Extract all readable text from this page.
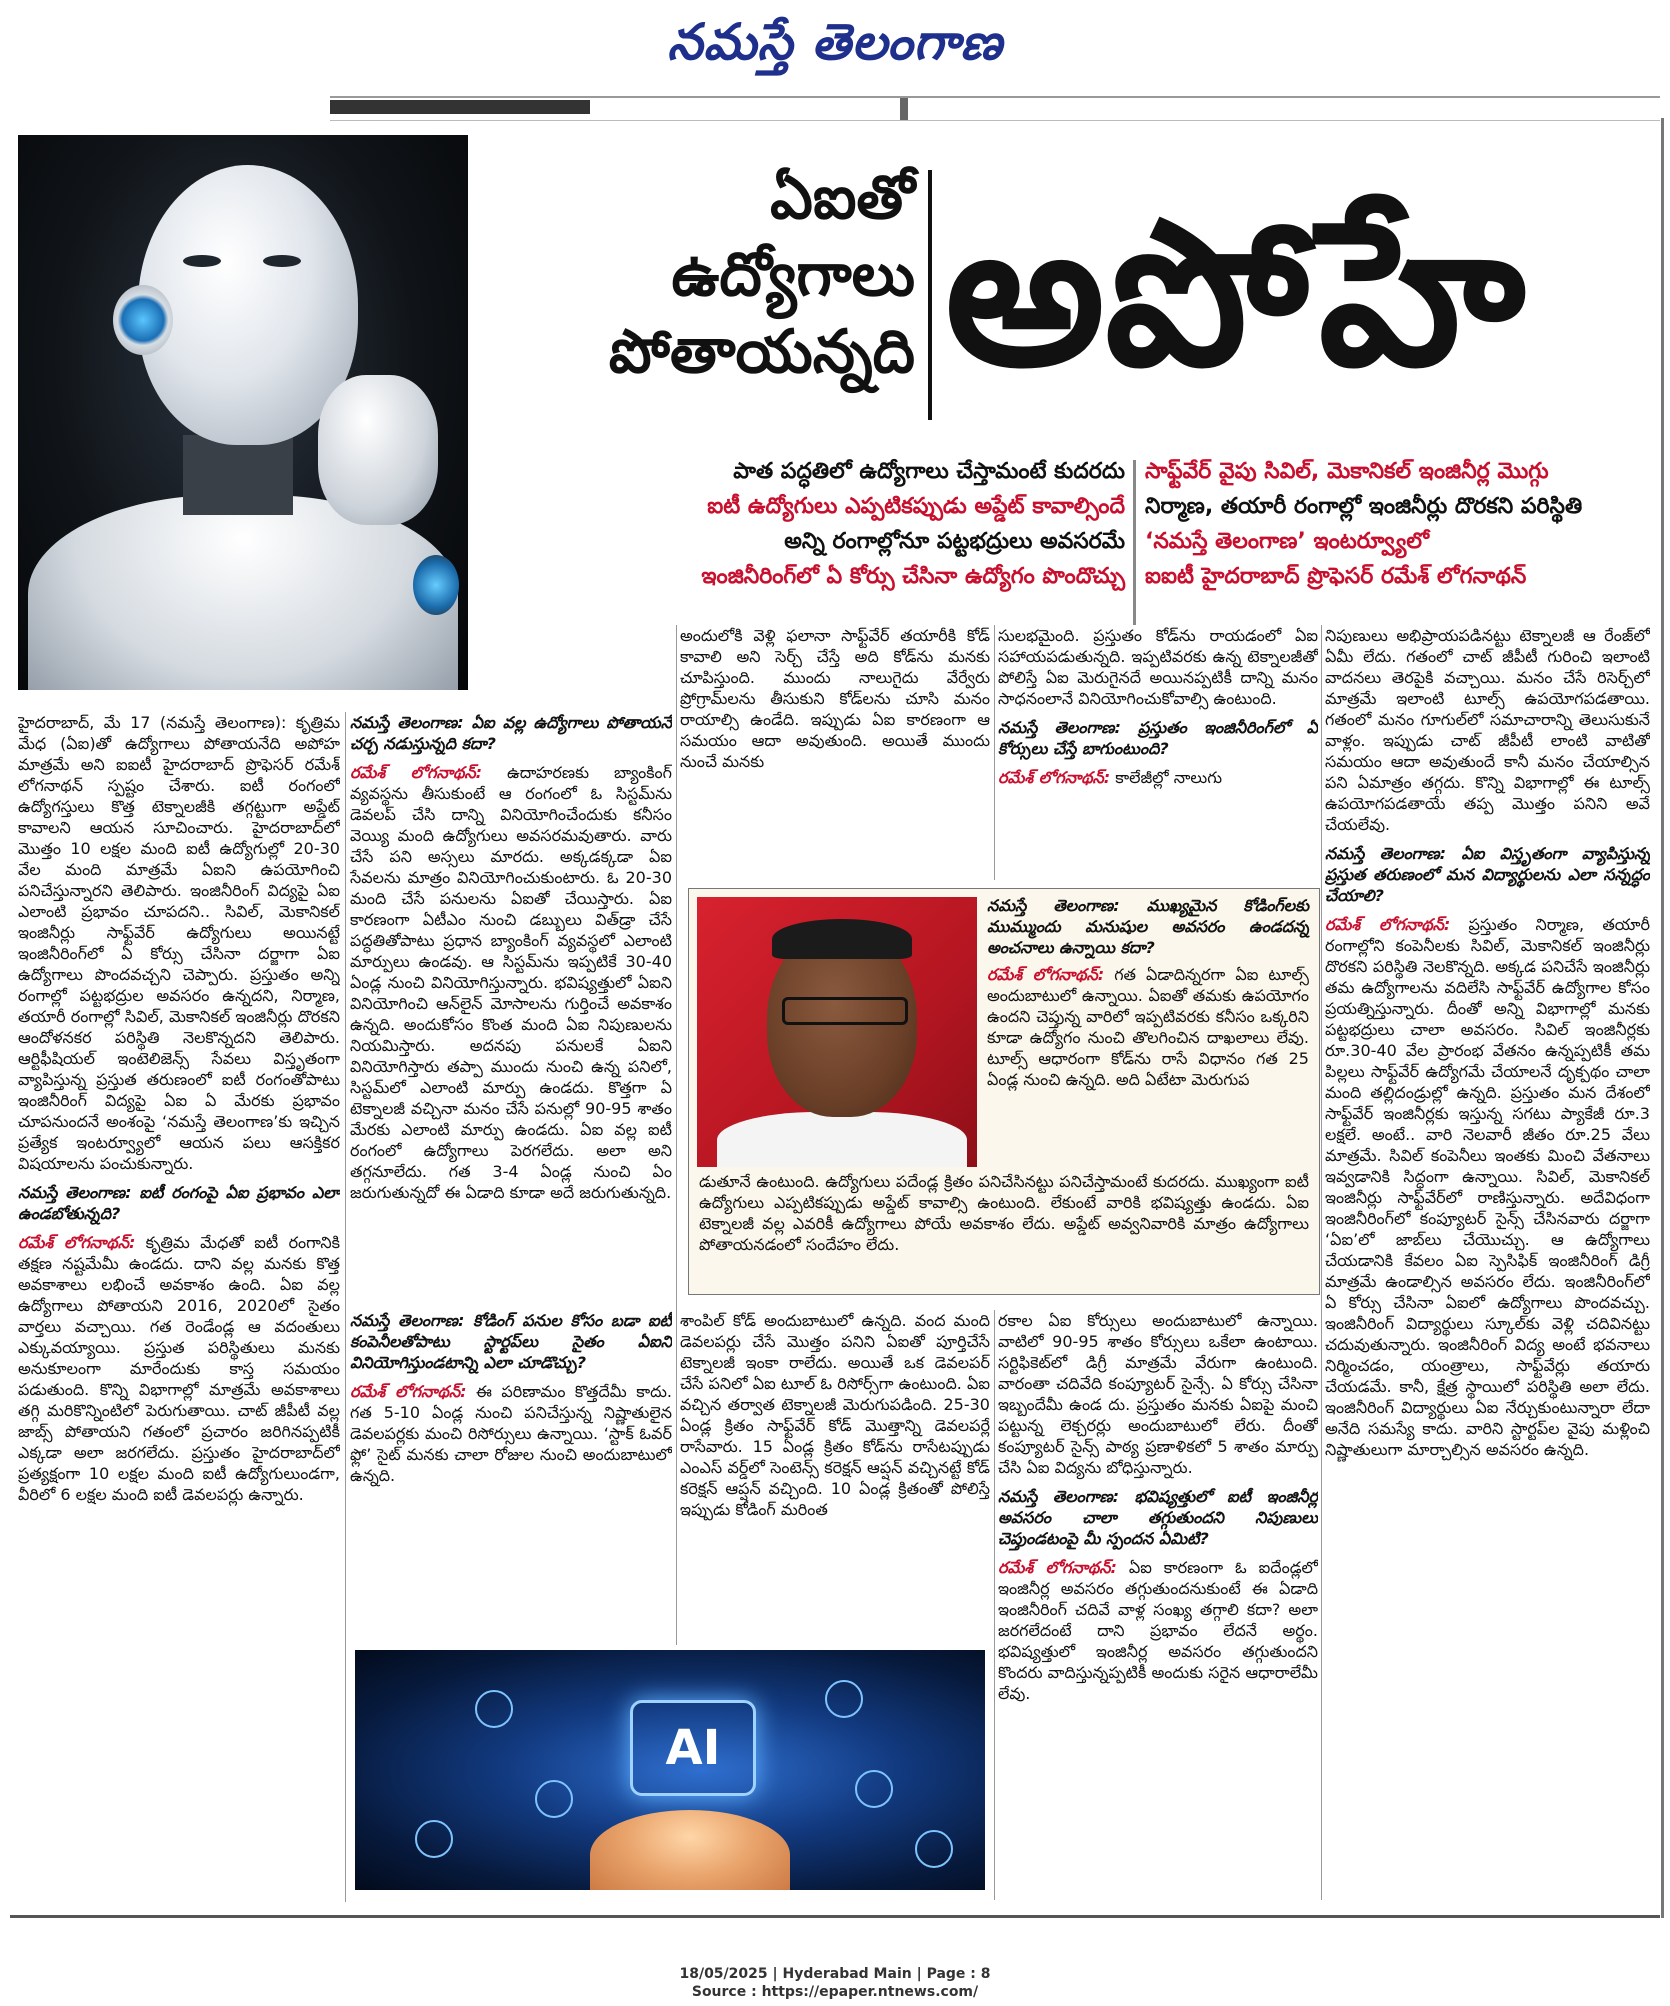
నమస్తే తెలంగాణ
ఏఐతో
ఉద్యోగాలు
పోతాయన్నది అపోహే
పాత పద్ధతిలో ఉద్యోగాలు చేస్తామంటే కుదరదు
ఐటీ ఉద్యోగులు ఎప్పటికప్పుడు అప్డేట్ కావాల్సిందే
అన్ని రంగాల్లోనూ పట్టభద్రులు అవసరమే
ఇంజినీరింగ్‌లో ఏ కోర్సు చేసినా ఉద్యోగం పొందొచ్చు
సాఫ్ట్‌వేర్ వైపు సివిల్, మెకానికల్ ఇంజినీర్ల మొగ్గు
నిర్మాణ, తయారీ రంగాల్లో ఇంజినీర్లు దొరకని పరిస్థితి
‘నమస్తే తెలంగాణ’ ఇంటర్వ్యూలో
ఐఐటీ హైదరాబాద్ ప్రొఫెసర్ రమేశ్ లోగనాథన్

హైదరాబాద్, మే 17 (నమస్తే తెలంగాణ): కృత్రిమ మేధ (ఏఐ)తో ఉద్యోగాలు పోతాయనేది అపోహ మాత్రమే అని ఐఐటీ హైదరాబాద్ ప్రొఫెసర్ రమేశ్ లోగనాథన్ స్పష్టం చేశారు. ఐటీ రంగంలో ఉద్యోగస్తులు కొత్త టెక్నాలజీకి తగ్గట్టుగా అప్డేట్ కావాలని ఆయన సూచించారు. హైదరాబాద్‌లో మొత్తం 10 లక్షల మంది ఐటీ ఉద్యోగుల్లో 20-30 వేల మంది మాత్రమే ఏఐని ఉపయోగించి పనిచేస్తున్నారని తెలిపారు. ఇంజినీరింగ్ విద్యపై ఏఐ ఎలాంటి ప్రభావం చూపదని.. సివిల్, మెకానికల్ ఇంజినీర్లు సాఫ్ట్‌వేర్ ఉద్యోగులు అయినట్టే ఇంజినీరింగ్‌లో ఏ కోర్సు చేసినా దర్జాగా ఏఐ ఉద్యోగాలు పొందవచ్చని చెప్పారు. ప్రస్తుతం అన్ని రంగాల్లో పట్టభద్రుల అవసరం ఉన్నదని, నిర్మాణ, తయారీ రంగాల్లో సివిల్, మెకానికల్ ఇంజినీర్లు దొరకని ఆందోళనకర పరిస్థితి నెలకొన్నదని తెలిపారు. ఆర్టిఫీషియల్ ఇంటెలిజెన్స్ సేవలు విస్తృతంగా వ్యాపిస్తున్న ప్రస్తుత తరుణంలో ఐటీ రంగంతోపాటు ఇంజినీరింగ్ విద్యపై ఏఐ ఏ మేరకు ప్రభావం చూపనుందనే అంశంపై ‘నమస్తే తెలంగాణ’కు ఇచ్చిన ప్రత్యేక ఇంటర్వ్యూలో ఆయన పలు ఆసక్తికర విషయాలను పంచుకున్నారు.

నమస్తే తెలంగాణ: ఐటీ రంగంపై ఏఐ ప్రభావం ఎలా ఉండబోతున్నది?

రమేశ్ లోగనాథన్: కృత్రిమ మేధతో ఐటీ రంగానికి తక్షణ నష్టమేమీ ఉండదు. దాని వల్ల మనకు కొత్త అవకాశాలు లభించే అవకాశం ఉంది. ఏఐ వల్ల ఉద్యోగాలు పోతాయని 2016, 2020లో సైతం వార్తలు వచ్చాయి. గత రెండేండ్ల ఆ వదంతులు ఎక్కువయ్యాయి. ప్రస్తుత పరిస్థితులు మనకు అనుకూలంగా మారేందుకు కాస్త సమయం పడుతుంది. కొన్ని విభాగాల్లో మాత్రమే అవకాశాలు తగ్గి మరికొన్నింటిలో పెరుగుతాయి. చాట్ జీపీటీ వల్ల జాబ్స్ పోతాయని గతంలో ప్రచారం జరిగినప్పటికీ ఎక్కడా అలా జరగలేదు. ప్రస్తుతం హైదరాబాద్‌లో ప్రత్యక్షంగా 10 లక్షల మంది ఐటీ ఉద్యోగులుండగా, వీరిలో 6 లక్షల మంది ఐటీ డెవలపర్లు ఉన్నారు.

నమస్తే తెలంగాణ: ఏఐ వల్ల ఉద్యోగాలు పోతాయనే చర్చ నడుస్తున్నది కదా?

రమేశ్ లోగనాథన్: ఉదాహరణకు బ్యాంకింగ్ వ్యవస్థను తీసుకుంటే ఆ రంగంలో ఓ సిస్టమ్‌ను డెవలప్ చేసి దాన్ని వినియోగించేందుకు కనీసం వెయ్యి మంది ఉద్యోగులు అవసరమవుతారు. వారు చేసే పని అస్సలు మారదు. అక్కడక్కడా ఏఐ సేవలను మాత్రం వినియోగించుకుంటారు. ఓ 20-30 మంది చేసే పనులను ఏఐతో చేయిస్తారు. ఏఐ కారణంగా ఏటీఎం నుంచి డబ్బులు విత్‌డ్రా చేసే పద్ధతితోపాటు ప్రధాన బ్యాంకింగ్ వ్యవస్థలో ఎలాంటి మార్పులు ఉండవు. ఆ సిస్టమ్‌ను ఇప్పటికే 30-40 ఏండ్ల నుంచి వినియోగిస్తున్నారు. భవిష్యత్తులో ఏఐని వినియోగించి ఆన్‌లైన్ మోసాలను గుర్తించే అవకాశం ఉన్నది. అందుకోసం కొంత మంది ఏఐ నిపుణులను నియమిస్తారు. అదనపు పనులకే ఏఐని వినియోగిస్తారు తప్పా ముందు నుంచి ఉన్న పనిలో, సిస్టమ్‌లో ఎలాంటి మార్పు ఉండదు. కొత్తగా ఏ టెక్నాలజీ వచ్చినా మనం చేసే పనుల్లో 90-95 శాతం మేరకు ఎలాంటి మార్పు ఉండదు. ఏఐ వల్ల ఐటీ రంగంలో ఉద్యోగాలు పెరగలేదు. అలా అని తగ్గనూలేదు. గత 3-4 ఏండ్ల నుంచి ఏం జరుగుతున్నదో ఈ ఏడాది కూడా అదే జరుగుతున్నది.

నమస్తే తెలంగాణ: కోడింగ్ పనుల కోసం బడా ఐటీ కంపెనీలతోపాటు స్టార్టప్‌లు సైతం ఏఐని వినియోగిస్తుండటాన్ని ఎలా చూడొచ్చు?

రమేశ్ లోగనాథన్: ఈ పరిణామం కొత్తదేమీ కాదు. గత 5-10 ఏండ్ల నుంచి పనిచేస్తున్న నిష్ణాతులైన డెవలపర్లకు మంచి రిసోర్సులు ఉన్నాయి. ‘స్టాక్ ఓవర్ ఫ్లో’ సైట్ మనకు చాలా రోజుల నుంచి అందుబాటులో ఉన్నది.

అందులోకి వెళ్లి ఫలానా సాఫ్ట్‌వేర్ తయారీకి కోడ్ కావాలి అని సెర్చ్ చేస్తే అది కోడ్‌ను మనకు చూపిస్తుంది. ముందు నాలుగైదు వేర్వేరు ప్రోగ్రామ్‌లను తీసుకుని కోడ్‌లను చూసి మనం రాయాల్సి ఉండేది. ఇప్పుడు ఏఐ కారణంగా ఆ సమయం ఆదా అవుతుంది. అయితే ముందు నుంచే మనకు

శాంపిల్ కోడ్ అందుబాటులో ఉన్నది. వంద మంది డెవలపర్లు చేసే మొత్తం పనిని ఏఐతో పూర్తిచేసే టెక్నాలజీ ఇంకా రాలేదు. అయితే ఒక డెవలపర్ చేసే పనిలో ఏఐ టూల్ ఓ రిసోర్స్‌గా ఉంటుంది. ఏఐ వచ్చిన తర్వాత టెక్నాలజీ మెరుగుపడింది. 25-30 ఏండ్ల క్రితం సాఫ్ట్‌వేర్ కోడ్ మొత్తాన్ని డెవలపర్లే రాసేవారు. 15 ఏండ్ల క్రితం కోడ్‌ను రాసేటప్పుడు ఎంఎస్ వర్డ్‌లో సెంటెన్స్ కరెక్షన్ ఆప్షన్ వచ్చినట్టే కోడ్ కరెక్షన్ ఆప్షన్ వచ్చింది. 10 ఏండ్ల క్రితంతో పోలిస్తే ఇప్పుడు కోడింగ్ మరింత

సులభమైంది. ప్రస్తుతం కోడ్‌ను రాయడంలో ఏఐ సహాయపడుతున్నది. ఇప్పటివరకు ఉన్న టెక్నాలజీతో పోలిస్తే ఏఐ మెరుగైనదే అయినప్పటికీ దాన్ని మనం సాధనంలానే వినియోగించుకోవాల్సి ఉంటుంది.

నమస్తే తెలంగాణ: ప్రస్తుతం ఇంజినీరింగ్‌లో ఏ కోర్సులు చేస్తే బాగుంటుంది?

రమేశ్ లోగనాథన్: కాలేజీల్లో నాలుగు

రకాల ఏఐ కోర్సులు అందుబాటులో ఉన్నాయి. వాటిలో 90-95 శాతం కోర్సులు ఒకేలా ఉంటాయి. సర్టిఫికెట్‌లో డిగ్రీ మాత్రమే వేరుగా ఉంటుంది. వారంతా చదివేది కంప్యూటర్ సైన్సే. ఏ కోర్సు చేసినా ఇబ్బందేమీ ఉండ దు. ప్రస్తుతం మనకు ఏఐపై మంచి పట్టున్న లెక్చరర్లు అందుబాటులో లేరు. దీంతో కంప్యూటర్ సైన్స్ పాఠ్య ప్రణాళికలో 5 శాతం మార్పు చేసి ఏఐ విద్యను బోధిస్తున్నారు.

నమస్తే తెలంగాణ: భవిష్యత్తులో ఐటీ ఇంజినీర్ల అవసరం చాలా తగ్గుతుందని నిపుణులు చెప్తుండటంపై మీ స్పందన ఏమిటి?

రమేశ్ లోగనాథన్: ఏఐ కారణంగా ఓ ఐదేండ్లలో ఇంజినీర్ల అవసరం తగ్గుతుందనుకుంటే ఈ ఏడాది ఇంజినీరింగ్ చదివే వాళ్ల సంఖ్య తగ్గాలి కదా? అలా జరగలేదంటే దాని ప్రభావం లేదనే అర్థం. భవిష్యత్తులో ఇంజినీర్ల అవసరం తగ్గుతుందని కొందరు వాదిస్తున్నప్పటికీ అందుకు సరైన ఆధారాలేమీ లేవు.

నిపుణులు అభిప్రాయపడినట్టు టెక్నాలజీ ఆ రేంజ్‌లో ఏమీ లేదు. గతంలో చాట్ జీపీటీ గురించి ఇలాంటి వాదనలు తెరపైకి వచ్చాయి. మనం చేసే రిసెర్చ్‌లో మాత్రమే ఇలాంటి టూల్స్ ఉపయోగపడతాయి. గతంలో మనం గూగుల్‌లో సమాచారాన్ని తెలుసుకునే వాళ్లం. ఇప్పుడు చాట్ జీపీటీ లాంటి వాటితో సమయం ఆదా అవుతుందే కానీ మనం చేయాల్సిన పని ఏమాత్రం తగ్గదు. కొన్ని విభాగాల్లో ఈ టూల్స్ ఉపయోగపడతాయే తప్ప మొత్తం పనిని అవే చేయలేవు.

నమస్తే తెలంగాణ: ఏఐ విస్తృతంగా వ్యాపిస్తున్న ప్రస్తుత తరుణంలో మన విద్యార్థులను ఎలా సన్నద్ధం చేయాలి?

రమేశ్ లోగనాథన్: ప్రస్తుతం నిర్మాణ, తయారీ రంగాల్లోని కంపెనీలకు సివిల్, మెకానికల్ ఇంజినీర్లు దొరకని పరిస్థితి నెలకొన్నది. అక్కడ పనిచేసే ఇంజినీర్లు తమ ఉద్యోగాలను వదిలేసి సాఫ్ట్‌వేర్ ఉద్యోగాల కోసం ప్రయత్నిస్తున్నారు. దీంతో అన్ని విభాగాల్లో మనకు పట్టభద్రులు చాలా అవసరం. సివిల్ ఇంజినీర్లకు రూ.30-40 వేల ప్రారంభ వేతనం ఉన్నప్పటికీ తమ పిల్లలు సాఫ్ట్‌వేర్ ఉద్యోగమే చేయాలనే దృక్పథం చాలా మంది తల్లిదండ్రుల్లో ఉన్నది. ప్రస్తుతం మన దేశంలో సాఫ్ట్‌వేర్ ఇంజినీర్లకు ఇస్తున్న సగటు ప్యాకేజీ రూ.3 లక్షలే. అంటే.. వారి నెలవారీ జీతం రూ.25 వేలు మాత్రమే. సివిల్ కంపెనీలు ఇంతకు మించి వేతనాలు ఇవ్వడానికి సిద్ధంగా ఉన్నాయి. సివిల్, మెకానికల్ ఇంజినీర్లు సాఫ్ట్‌వేర్‌లో రాణిస్తున్నారు. అదేవిధంగా ఇంజినీరింగ్‌లో కంప్యూటర్ సైన్స్ చేసినవారు దర్జాగా ‘ఏఐ’లో జాబ్‌లు చేయొచ్చు. ఆ ఉద్యోగాలు చేయడానికి కేవలం ఏఐ స్పెసిఫిక్ ఇంజినీరింగ్ డిగ్రీ మాత్రమే ఉండాల్సిన అవసరం లేదు. ఇంజినీరింగ్‌లో ఏ కోర్సు చేసినా ఏఐలో ఉద్యోగాలు పొందవచ్చు. ఇంజినీరింగ్ విద్యార్థులు స్కూల్‌కు వెళ్లి చదివినట్టు చదువుతున్నారు. ఇంజినీరింగ్ విద్య అంటే భవనాలు నిర్మించడం, యంత్రాలు, సాఫ్ట్‌వేర్లు తయారు చేయడమే. కానీ, క్షేత్ర స్థాయిలో పరిస్థితి అలా లేదు. ఇంజినీరింగ్ విద్యార్థులు ఏఐ నేర్చుకుంటున్నారా లేదా అనేది సమస్యే కాదు. వారిని స్టార్టప్‌ల వైపు మళ్లించి నిష్ణాతులుగా మార్చాల్సిన అవసరం ఉన్నది.

నమస్తే తెలంగాణ: ముఖ్యమైన కోడింగ్‌లకు ముమ్ముందు మనుషుల అవసరం ఉండదన్న అంచనాలు ఉన్నాయి కదా?

రమేశ్ లోగనాథన్: గత ఏడాదిన్నరగా ఏఐ టూల్స్ అందుబాటులో ఉన్నాయి. ఏఐతో తమకు ఉపయోగం ఉందని చెప్తున్న వారిలో ఇప్పటివరకు కనీసం ఒక్కరిని కూడా ఉద్యోగం నుంచి తొలగించిన దాఖలాలు లేవు. టూల్స్ ఆధారంగా కోడ్‌ను రాసే విధానం గత 25 ఏండ్ల నుంచి ఉన్నది. అది ఏటేటా మెరుగుప

డుతూనే ఉంటుంది. ఉద్యోగులు పదేండ్ల క్రితం పనిచేసినట్టు పనిచేస్తామంటే కుదరదు. ముఖ్యంగా ఐటీ ఉద్యోగులు ఎప్పటికప్పుడు అప్డేట్ కావాల్సి ఉంటుంది. లేకుంటే వారికి భవిష్యత్తు ఉండదు. ఏఐ టెక్నాలజీ వల్ల ఎవరికీ ఉద్యోగాలు పోయే అవకాశం లేదు. అప్డేట్ అవ్వనివారికి మాత్రం ఉద్యోగాలు పోతాయనడంలో సందేహం లేదు.

AI
18/05/2025 | Hyderabad Main | Page : 8
Source : https://epaper.ntnews.com/
